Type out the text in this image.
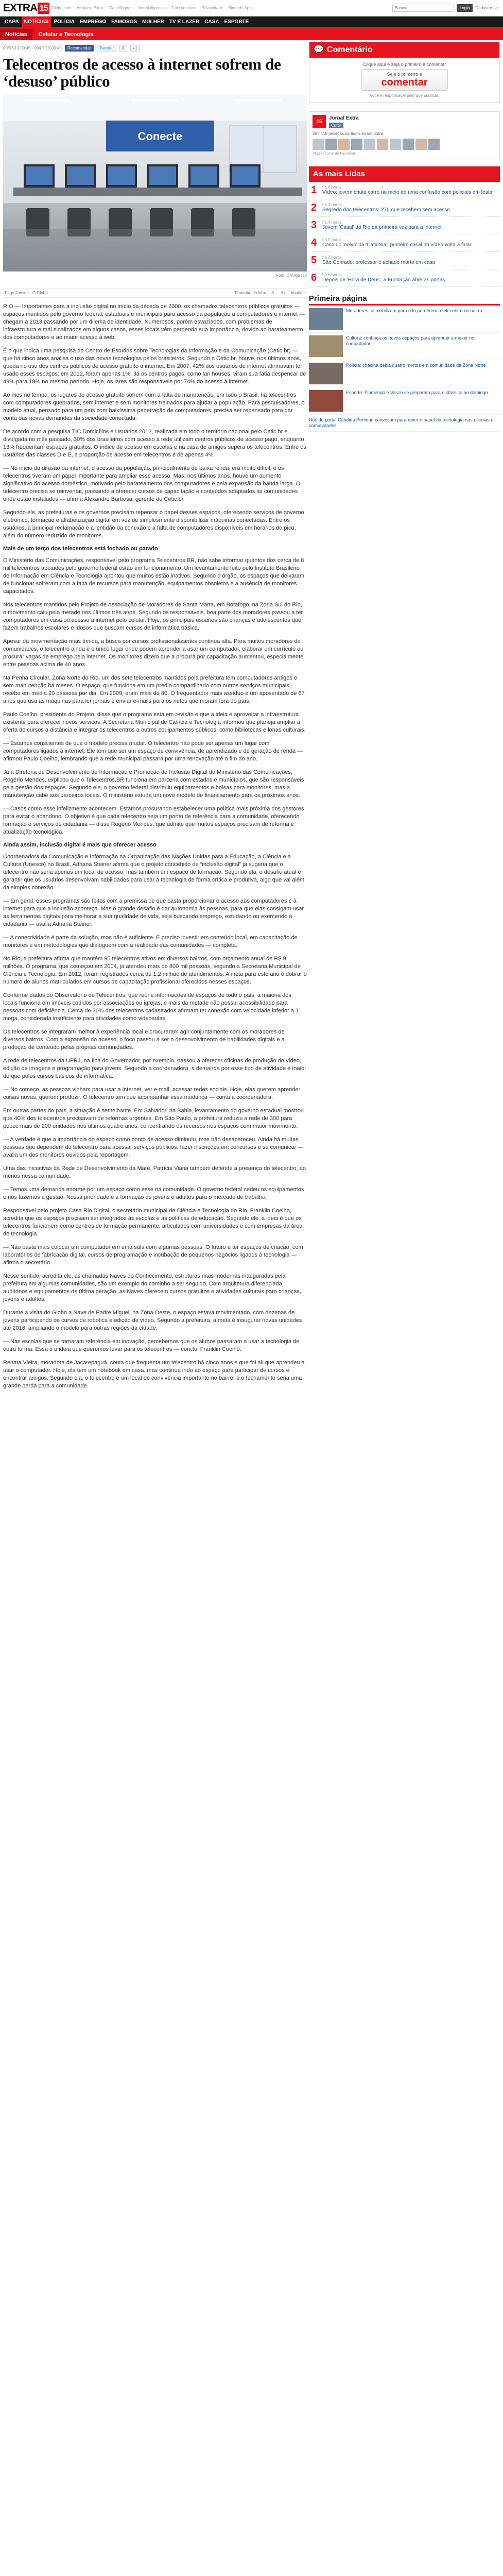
EXTRA 15 Globo.com Assine o Extra Classificados Jornal impresso Fale conosco Privacidade Bloomb. Apps
Buscar	Login	Cadastre-se
CAPA	NOTÍCIAS	POLÍCIA	EMPREGO	FAMOSOS	MULHER	TV E LAZER	CASA	ESPORTE
Notícias	Celular e Tecnologia
09/07/13 09:45 - 09/07/13 09:49	Recomendar	Tweetar	0	+1
Telecentros de acesso à internet sofrem de ‘desuso’ público
Conecte
Foto: Divulgação
Tiago Jansen - O Globo	Tamanho da letra A- A+ Imprimir

RIO — Importantes para a inclusão digital no início da década de 2000, os chamados telecentros públicos gratuitos — espaços mantidos pelo governo federal, estaduais e municipais para acesso da população a computadores e internet — chegam a 2013 passando por um dilema de identidade. Numerosos, porém esvaziados, com problemas de infraestrutura e mal sinalizados em alguns casos, esses locais vêm perdendo sua importância, devido ao barateamento dos computadores e ao maior acesso à web.

É o que indica uma pesquisa do Centro de Estudos sobre Tecnologias da Informação e da Comunicação (Cetic.br) — que há cinco anos analisa o uso das novas tecnologias pelos brasileiros. Segundo o Cetic.br, houve, nos últimos anos, queda no uso dos centros públicos de acesso gratuito à internet. Em 2007, 42% dos usuários de internet afirmavam ter usado esses espaços; em 2012, foram apenas 1%. Já os centros pagos, como lan houses, viram sua fatia despencar de 49% para 19% no mesmo período. Hoje, os lares são responsáveis por 74% do acesso à internet.

Ao mesmo tempo, os lugares de acesso gratuito sofrem com a falta de manutenção: em todo o Brasil, há telecentros com computadores quebrados, sem internet e sem monitores treinados para ajudar a população. Para pesquisadores, o modelo atual, pensado para um país com baixíssima penetração de computadores, precisa ser repensado para dar conta das novas demandas da sociedade conectada.

De acordo com a pesquisa TIC Domicílios e Usuários 2012, realizada em todo o território nacional pelo Cetic.br e divulgada no mês passado, 30% dos brasileiros com acesso à rede utilizam centros públicos de acesso pago, enquanto 13% frequentam espaços gratuitos. O índice de acesso em escolas e na casa de amigos supera os telecentros. Entre os usuários das classes D e E, a proporção de acesso em telecentros é de apenas 4%.

— No início da difusão da internet, o acesso da população, principalmente de baixa renda, era muito difícil, e os telecentros tiveram um papel importante para ampliar esse acesso. Mas, nos últimos anos, houve um aumento significativo do acesso doméstico, motivado pelo barateamento dos computadores e pela expansão da banda larga. O telecentro precisa se reinventar, passando a oferecer cursos de capacitação e conteúdos adaptados às comunidades onde estão instalados — afirma Alexandre Barbosa, gerente do Cetic.br.

Segundo ele, as prefeituras e os governos precisam repensar o papel desses espaços, oferecendo serviços de governo eletrônico, formação e alfabetização digital em vez de simplesmente disponibilizar máquinas conectadas. Entre os usuários, a principal reclamação é a lentidão da conexão e a falta de computadores disponíveis em horários de pico, além do número reduzido de monitores.

Mais de um terço dos telecentros está fechado ou parado

O Ministério das Comunicações, responsável pelo programa Telecentros.BR, não sabe informar quantos dos cerca de 8 mil telecentros apoiados pelo governo federal estão em funcionamento. Um levantamento feito pelo Instituto Brasileiro de Informação em Ciência e Tecnologia apontou que muitos estão inativos. Segundo o órgão, os espaços que deixaram de funcionar sofreram com a falta de recursos para manutenção, equipamentos obsoletos e a ausência de monitores capacitados.

Nos telecentros mantidos pelo Projeto de Associação de Moradores de Santa Marta, em Botafogo, na Zona Sul do Rio, o movimento caiu pela metade nos últimos três anos. Segundo os responsáveis, boa parte dos moradores passou a ter computadores em casa ou acesso à internet pelo celular. Hoje, os principais usuários são crianças e adolescentes que fazem trabalhos escolares e idosos que buscam cursos de informática básica.

Apesar da movimentação mais tímida, a busca por cursos profissionalizantes continua alta. Para muitos moradores de comunidades, o telecentro ainda é o único lugar onde podem aprender a usar um computador, elaborar um currículo ou procurar vagas de emprego pela internet. Os monitores dizem que a procura por capacitação aumentou, especialmente entre pessoas acima de 40 anos.

Na Penha Circular, Zona Norte do Rio, um dos sete telecentros mantidos pela prefeitura tem computadores antigos e sem manutenção há meses. O espaço, que funciona em um prédio compartilhado com outros serviços municipais, recebe em média 20 pessoas por dia. Em 2009, eram mais de 80. O frequentador mais assíduo é um aposentado de 67 anos que usa as máquinas para ler jornais e enviar e-mails para os netos que moram fora do país.

Paulo Coelho, presidente do Projeto, disse que o programa está em revisão e que a ideia é aproveitar a infraestrutura existente para oferecer novos serviços. A Secretaria Municipal de Ciência e Tecnologia informou que planeja ampliar a oferta de cursos a distância e integrar os telecentros a outros equipamentos públicos, como bibliotecas e lonas culturais.

— Estamos conscientes de que o modelo precisa mudar. O telecentro não pode ser apenas um lugar com computadores ligados à internet. Ele tem que ser um espaço de convivência, de aprendizado e de geração de renda — afirmou Paulo Coelho, lembrando que a rede municipal passará por uma renovação até o fim do ano.

Já a Diretoria de Desenvolvimento de Informação e Promoção de Inclusão Digital do Ministério das Comunicações, Rogério Mendes, explicou que o Telecentros.BR funciona em parceria com estados e municípios, que são responsáveis pela gestão dos espaços. Segundo ele, o governo federal distribuiu equipamentos e bolsas para monitores, mas a manutenção cabe aos parceiros locais. O ministério estuda um novo modelo de financiamento para os próximos anos.

— Casos como esse infelizmente acontecem. Estamos procurando estabelecer uma política mais próxima dos gestores para evitar o abandono. O objetivo é que cada telecentro seja um ponto de referência para a comunidade, oferecendo formação e serviços de cidadania — disse Rogério Mendes, que admite que muitos espaços precisam de reforma e atualização tecnológica.

Ainda assim, inclusão digital é mais que oferecer acesso

Coordenadora da Comunicação e Informação na Organização das Nações Unidas para a Educação, a Ciência e a Cultura (Unesco) no Brasil, Adriana Steiner afirma que o projeto concebido de “inclusão digital” já sugeria que o telecentro não seria apenas um local de acesso, mas também um espaço de formação. Segundo ela, o desafio atual é garantir que os usuários desenvolvam habilidades para usar a tecnologia de forma crítica e produtiva, algo que vai além da simples conexão.

— Em geral, esses programas são feitos com a premissa de que basta proporcionar o acesso aos computadores e à internet para que a inclusão aconteça. Mas o grande desafio é dar autonomia às pessoas, para que elas consigam usar as ferramentas digitais para melhorar a sua qualidade de vida, seja buscando emprego, estudando ou exercendo a cidadania — avalia Adriana Steiner.

— A conectividade é parte da solução, mas não é suficiente. É preciso investir em conteúdo local, em capacitação de monitores e em metodologias que dialoguem com a realidade das comunidades — completa.

No Rio, a prefeitura afirma que mantém 95 telecentros ativos em diversos bairros, com orçamento anual de R$ 9 milhões. O programa, que começou em 2004, já atendeu mais de 800 mil pessoas, segundo a Secretaria Municipal de Ciência e Tecnologia. Em 2012, foram registrados cerca de 1,2 milhão de atendimentos. A meta para este ano é dobrar o número de alunos matriculados em cursos de capacitação profissional oferecidos nesses espaços.

Conforme dados do Observatório de Telecentros, que reúne informações de espaços de todo o país, a maioria dos locais funciona em imóveis cedidos por associações ou igrejas, e mais da metade não possui acessibilidade para pessoas com deficiência. Cerca de 30% dos telecentros cadastrados afirmam ter conexão com velocidade inferior a 1 mega, considerada insuficiente para atividades como videoaulas.

Os telecentros se integraram melhor à experiência local e procuraram agir conjuntamente com os moradores de diversos bairros. Com a expansão do acesso, o foco passou a ser o desenvolvimento de habilidades digitais e a produção de conteúdo pelas próprias comunidades.

A rede de telecentros da UFRJ, na Ilha do Governador, por exemplo, passou a oferecer oficinas de produção de vídeo, edição de imagens e programação para jovens. Segundo a coordenadora, a demanda por esse tipo de atividade é maior do que pelos cursos básicos de informática.

— No começo, as pessoas vinham para usar a internet, ver e-mail, acessar redes sociais. Hoje, elas querem aprender coisas novas, querem produzir. O telecentro tem que acompanhar essa mudança — conta a coordenadora.

Em outras partes do país, a situação é semelhante. Em Salvador, na Bahia, levantamento do governo estadual mostrou que 40% dos telecentros precisavam de reformas urgentes. Em São Paulo, a prefeitura reduziu a rede de 300 para pouco mais de 200 unidades nos últimos quatro anos, concentrando os recursos nos espaços com maior movimento.

— A verdade é que a importância do espaço como ponto de acesso diminuiu, mas não desapareceu. Ainda há muitas pessoas que dependem do telecentro para acessar serviços públicos, fazer inscrições em concursos e se comunicar — avalia um dos monitores ouvidos pela reportagem.

Uma das iniciativas da Rede de Desenvolvimento da Maré, Patrícia Viana também defende a presença do telecentro, ao menos nessa comunidade:

— Temos uma demanda enorme por um espaço como esse na comunidade. O governo federal cedeu os equipamentos e nós fazemos a gestão. Nossa prioridade é a formação de jovens e adultos para o mercado de trabalho.

Responsável pelo projeto Casa Rio Digital, o secretário municipal de Ciência e Tecnologia do Rio, Franklin Coelho, acredita que os espaços precisam ser integrados às escolas e às políticas de educação. Segundo ele, a ideia é que os telecentros funcionem como centros de formação permanente, articulados com universidades e com empresas da área de tecnologia.

— Não basta mais colocar um computador em uma sala com algumas pessoas. O futuro é ter espaços de criação, com laboratórios de fabricação digital, cursos de programação e incubação de pequenos negócios ligados à tecnologia — afirma o secretário.

Nesse sentido, acredita ele, as chamadas Naves do Conhecimento, estruturas mais modernas inauguradas pela prefeitura em algumas comunidades, são um exemplo do caminho a ser seguido. Com arquitetura diferenciada, auditórios e equipamentos de última geração, as Naves oferecem cursos gratuitos e atividades culturais para crianças, jovens e adultos.

Durante a visita do Globo a Nave de Padre Miguel, na Zona Oeste, o espaço estava movimentado, com dezenas de jovens participando de cursos de robótica e edição de vídeo. Segundo a prefeitura, a meta é inaugurar novas unidades até 2016, ampliando o modelo para outras regiões da cidade.

— Nas escolas que se tornaram referência em inovação, percebemos que os alunos passaram a usar a tecnologia de outra forma. Essa é a ideia que queremos levar para os telecentros — conclui Franklin Coelho.

Renata Vieira, moradora de Jacarepaguá, conta que frequenta um telecentro há cinco anos e que foi ali que aprendeu a usar o computador. Hoje, ela tem um notebook em casa, mas continua indo ao espaço para participar de cursos e encontrar amigos. Segundo ela, o telecentro é um local de convivência importante no bairro, e o fechamento seria uma grande perda para a comunidade.

💬 Comentário
Clique aqui e seja o primeiro a comentar
Seja o primeiro a
comentar
Você é responsável pelo que publicar.
15
Jornal Extra
Curtir
257.418 pessoas curtiram Jornal Extra.
Plug-in social do Facebook
As mais Lidas
1	há 6 horas
Vídeo: jovem chuta carro no meio de uma confusão com policiais em festa
2	há 3 horas
Segredo dos telecentros: 270 que recebem sem acesso
3	há 4 horas
Jovem 'Casal' do Rio dá primeira vez para a internet
4	há 5 horas
Caso do 'noivo' da 'Catiroba': primeiro casal do vídeo volta a falar
5	há 2 horas
São Conrado: professor é achado morto em casa
6	há 6 horas
Depois de 'Hora de Deus', a Fundação abre as portas
Primeira página
Moradores se mobilizam para não perderem o telecentro do bairro
Cultura: conheça os novos espaços para aprender a mexer no computador
Polícia: chacina deixa quatro mortos em comunidade da Zona Norte
Esporte: Flamengo e Vasco se preparam para o clássico no domingo
Nós do portal Cândida Portinari convocam para rever o papel da tecnologia nas escolas e comunidades
